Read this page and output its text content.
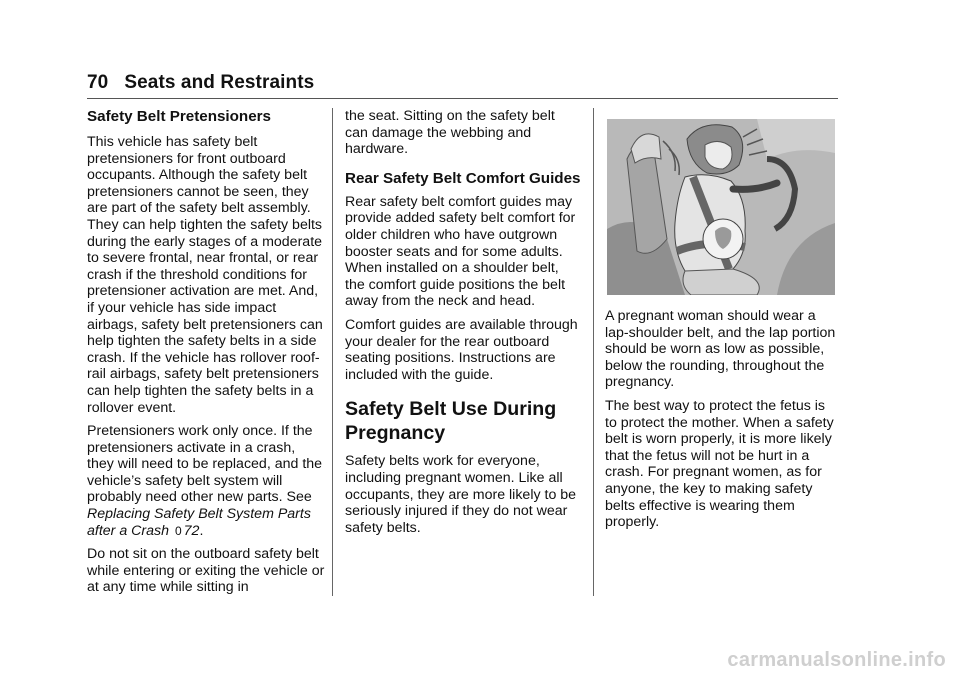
70 Seats and Restraints
Safety Belt Pretensioners

This vehicle has safety belt pretensioners for front outboard occupants. Although the safety belt pretensioners cannot be seen, they are part of the safety belt assembly. They can help tighten the safety belts during the early stages of a moderate to severe frontal, near frontal, or rear crash if the threshold conditions for pretensioner activation are met. And, if your vehicle has side impact airbags, safety belt pretensioners can help tighten the safety belts in a side crash. If the vehicle has rollover roof-rail airbags, safety belt pretensioners can help tighten the safety belts in a rollover event.

Pretensioners work only once. If the pretensioners activate in a crash, they will need to be replaced, and the vehicle’s safety belt system will probably need other new parts. See Replacing Safety Belt System Parts after a Crash 0 72.

Do not sit on the outboard safety belt while entering or exiting the vehicle or at any time while sitting in

the seat. Sitting on the safety belt can damage the webbing and hardware.

Rear Safety Belt Comfort Guides

Rear safety belt comfort guides may provide added safety belt comfort for older children who have outgrown booster seats and for some adults. When installed on a shoulder belt, the comfort guide positions the belt away from the neck and head.

Comfort guides are available through your dealer for the rear outboard seating positions. Instructions are included with the guide.

Safety Belt Use During Pregnancy

Safety belts work for everyone, including pregnant women. Like all occupants, they are more likely to be seriously injured if they do not wear safety belts.

A pregnant woman should wear a lap-shoulder belt, and the lap portion should be worn as low as possible, below the rounding, throughout the pregnancy.

The best way to protect the fetus is to protect the mother. When a safety belt is worn properly, it is more likely that the fetus will not be hurt in a crash. For pregnant women, as for anyone, the key to making safety belts effective is wearing them properly.

carmanualsonline.info
